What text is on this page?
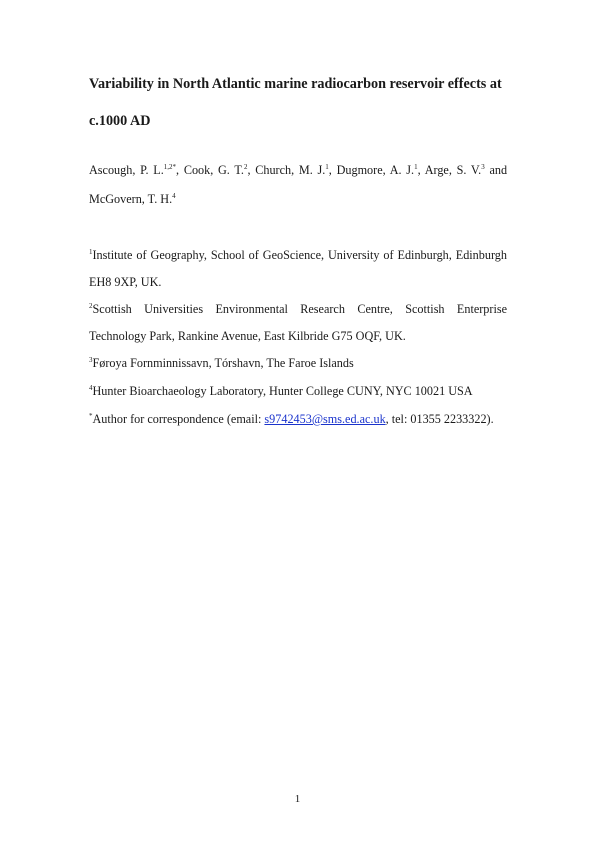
Variability in North Atlantic marine radiocarbon reservoir effects at c.1000 AD
Ascough, P. L.$^{1,2*}$, Cook, G. T.$^2$, Church, M. J.$^1$, Dugmore, A. J.$^1$, Arge, S. V.$^3$ and McGovern, T. H.$^4$
$^1$Institute of Geography, School of GeoScience, University of Edinburgh, Edinburgh EH8 9XP, UK.
$^2$Scottish Universities Environmental Research Centre, Scottish Enterprise Technology Park, Rankine Avenue, East Kilbride G75 OQF, UK.
$^3$Føroya Fornminnissavn, Tórshavn, The Faroe Islands
$^4$Hunter Bioarchaeology Laboratory, Hunter College CUNY, NYC 10021 USA
*Author for correspondence (email: s9742453@sms.ed.ac.uk, tel: 01355 2233322).
1
